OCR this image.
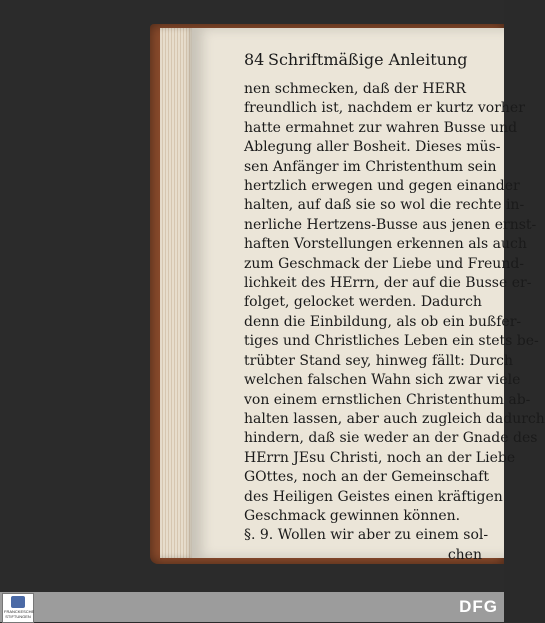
84 Schriftmäßige Anleitung
nen schmecken, daß der HERR
freundlich ist, nachdem er kurtz vorher
hatte ermahnet zur wahren Busse und
Ablegung aller Bosheit. Dieses müs-
sen Anfänger im Christenthum sein
hertzlich erwegen und gegen einander
halten, auf daß sie so wol die rechte in-
nerliche Hertzens-Busse aus jenen ernst-
haften Vorstellungen erkennen als auch
zum Geschmack der Liebe und Freund-
lichkeit des HErrn, der auf die Busse er-
folget, gelocket werden. Dadurch
denn die Einbildung, als ob ein bußfer-
tiges und Christliches Leben ein stets be-
trübter Stand sey, hinweg fällt: Durch
welchen falschen Wahn sich zwar viele
von einem ernstlichen Christenthum ab-
halten lassen, aber auch zugleich dadurch
hindern, daß sie weder an der Gnade des
HErrn JEsu Christi, noch an der Liebe
GOttes, noch an der Gemeinschaft
des Heiligen Geistes einen kräftigen
Geschmack gewinnen können.
§. 9. Wollen wir aber zu einem sol-
chen
FRANCKESCHE STIFTUNGEN
DFG
